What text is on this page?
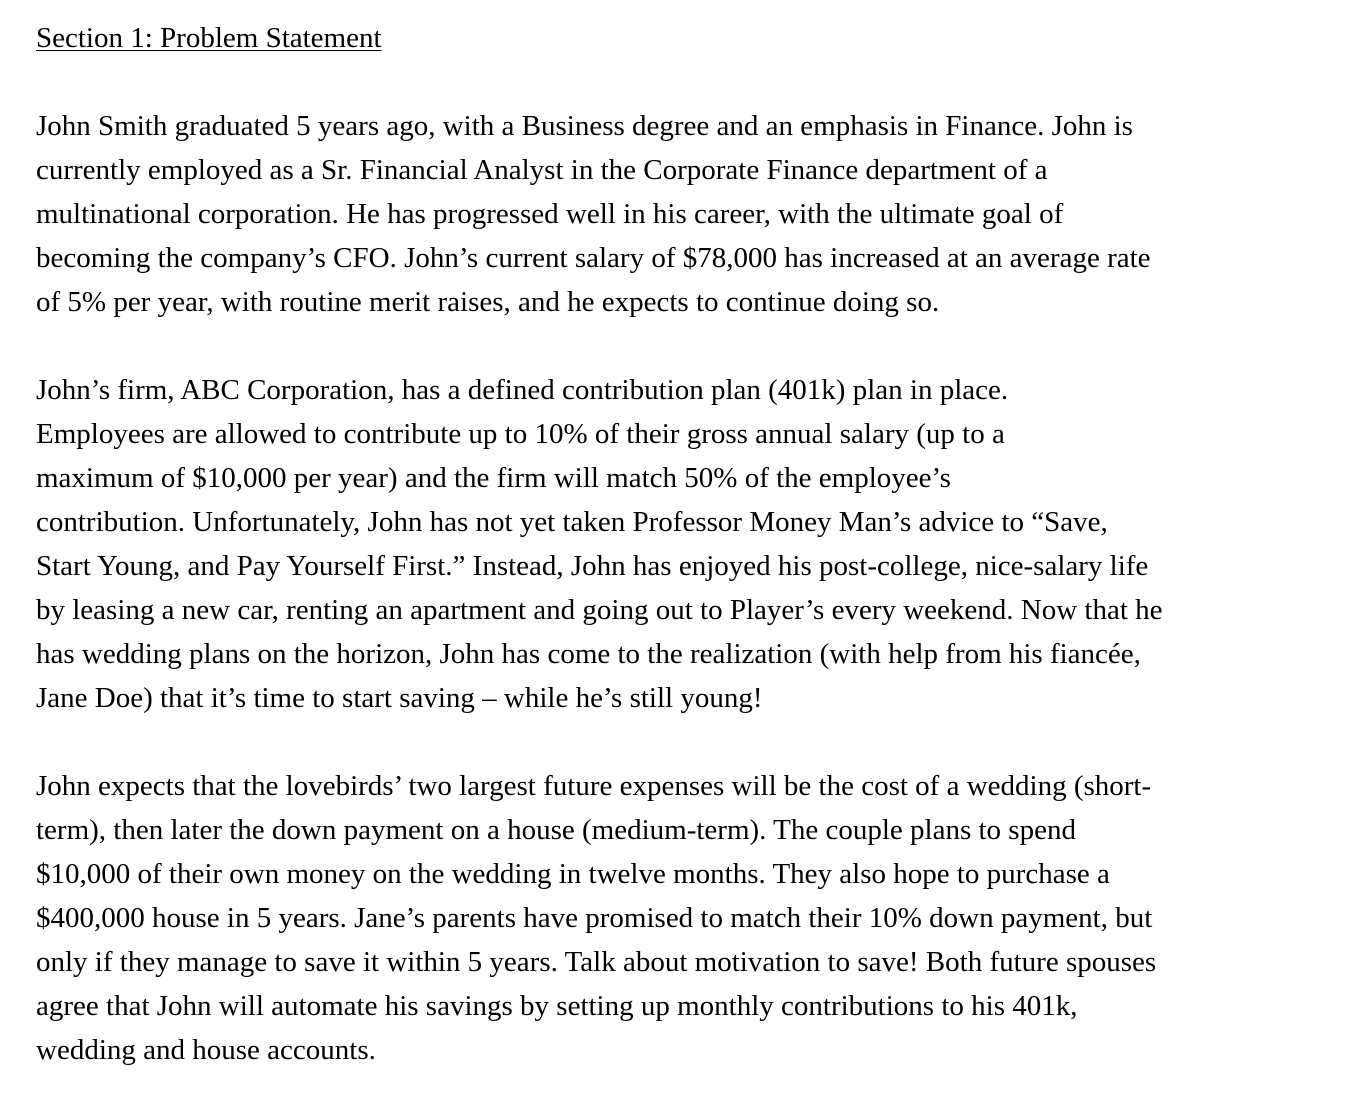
Section 1: Problem Statement

John Smith graduated 5 years ago, with a Business degree and an emphasis in Finance. John is
currently employed as a Sr. Financial Analyst in the Corporate Finance department of a
multinational corporation. He has progressed well in his career, with the ultimate goal of
becoming the company’s CFO. John’s current salary of $78,000 has increased at an average rate
of 5% per year, with routine merit raises, and he expects to continue doing so.

John’s firm, ABC Corporation, has a defined contribution plan (401k) plan in place.
Employees are allowed to contribute up to 10% of their gross annual salary (up to a
maximum of $10,000 per year) and the firm will match 50% of the employee’s
contribution. Unfortunately, John has not yet taken Professor Money Man’s advice to “Save,
Start Young, and Pay Yourself First.” Instead, John has enjoyed his post-college, nice-salary life
by leasing a new car, renting an apartment and going out to Player’s every weekend. Now that he
has wedding plans on the horizon, John has come to the realization (with help from his fiancée,
Jane Doe) that it’s time to start saving – while he’s still young!

John expects that the lovebirds’ two largest future expenses will be the cost of a wedding (short-
term), then later the down payment on a house (medium-term). The couple plans to spend
$10,000 of their own money on the wedding in twelve months. They also hope to purchase a
$400,000 house in 5 years. Jane’s parents have promised to match their 10% down payment, but
only if they manage to save it within 5 years. Talk about motivation to save! Both future spouses
agree that John will automate his savings by setting up monthly contributions to his 401k,
wedding and house accounts.
